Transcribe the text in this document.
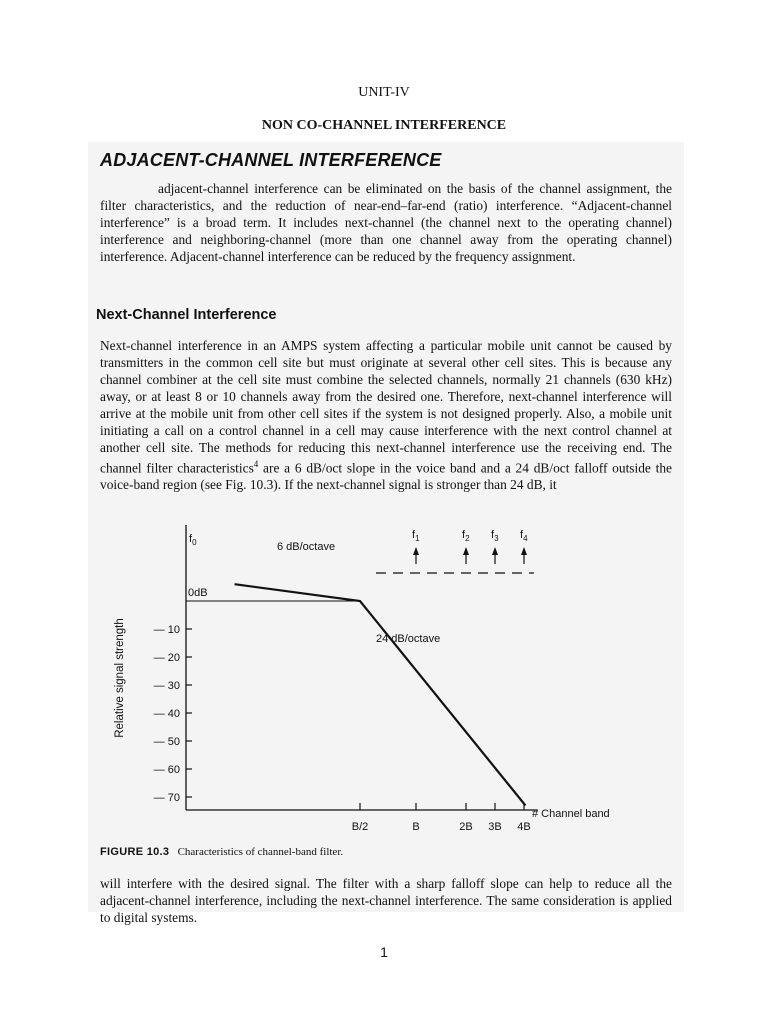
UNIT-IV
NON CO-CHANNEL INTERFERENCE
ADJACENT-CHANNEL INTERFERENCE
adjacent-channel interference can be eliminated on the basis of the channel assignment, the filter characteristics, and the reduction of near-end–far-end (ratio) interference. “Adjacent-channel interference” is a broad term. It includes next-channel (the channel next to the operating channel) interference and neighboring-channel (more than one channel away from the operating channel) interference. Adjacent-channel interference can be reduced by the frequency assignment.
Next-Channel Interference
Next-channel interference in an AMPS system affecting a particular mobile unit cannot be caused by transmitters in the common cell site but must originate at several other cell sites. This is because any channel combiner at the cell site must combine the selected channels, normally 21 channels (630 kHz) away, or at least 8 or 10 channels away from the desired one. Therefore, next-channel interference will arrive at the mobile unit from other cell sites if the system is not designed properly. Also, a mobile unit initiating a call on a control channel in a cell may cause interference with the next control channel at another cell site. The methods for reducing this next-channel interference use the receiving end. The channel filter characteristics$^4$ are a 6 dB/oct slope in the voice band and a 24 dB/oct falloff outside the voice-band region (see Fig. 10.3). If the next-channel signal is stronger than 24 dB, it
0dB
— 10
— 20
— 30
— 40
— 50
— 60
— 70
B/2	B	2B 3B 4B
Relative signal strength
$f_0$	6 dB/octave
24 dB/octave
$f_1$	$f_2$ $f_3$ $f_4$
# Channel band
FIGURE 10.3 Characteristics of channel-band filter.
will interfere with the desired signal. The filter with a sharp falloff slope can help to reduce all the adjacent-channel interference, including the next-channel interference. The same consideration is applied to digital systems.
1
